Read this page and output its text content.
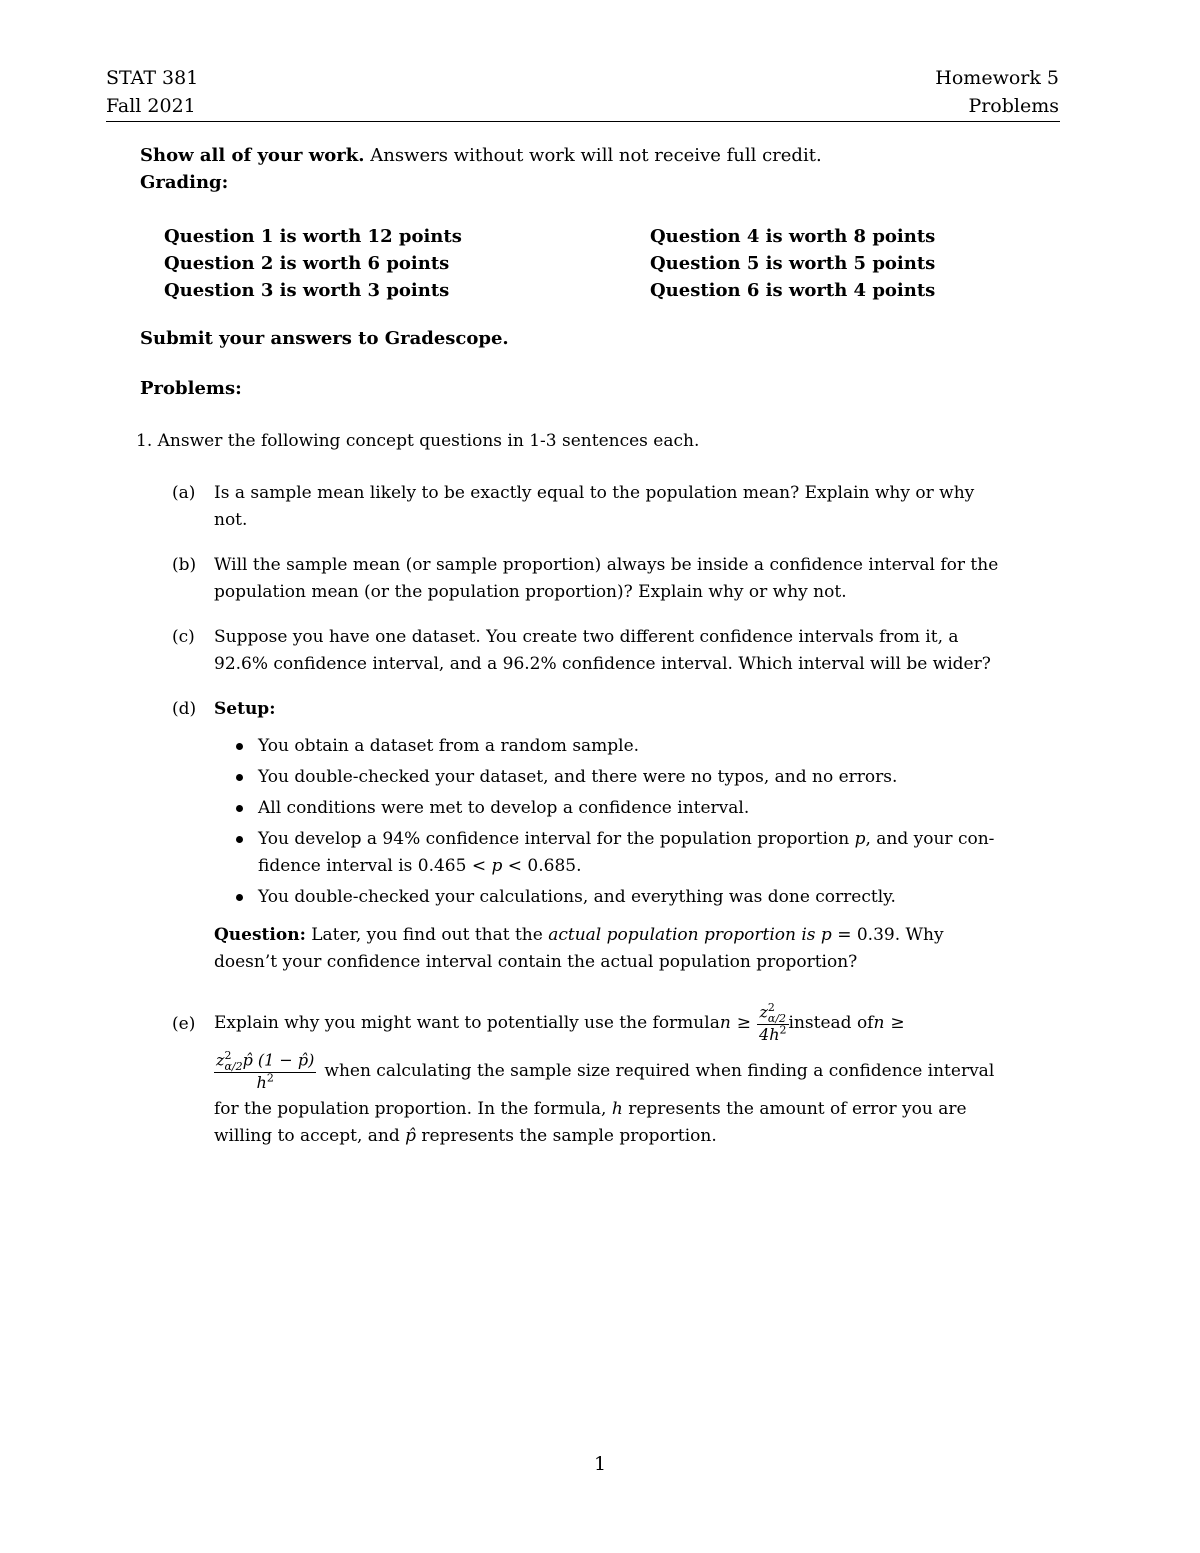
STAT 381
Fall 2021
Homework 5
Problems
Show all of your work. Answers without work will not receive full credit.
Grading:
Question 1 is worth 12 points
Question 2 is worth 6 points
Question 3 is worth 3 points
Question 4 is worth 8 points
Question 5 is worth 5 points
Question 6 is worth 4 points
Submit your answers to Gradescope.
Problems:
1. Answer the following concept questions in 1-3 sentences each.
(a) Is a sample mean likely to be exactly equal to the population mean? Explain why or why
not.
(b) Will the sample mean (or sample proportion) always be inside a confidence interval for the
population mean (or the population proportion)? Explain why or why not.
(c) Suppose you have one dataset. You create two different confidence intervals from it, a
92.6% confidence interval, and a 96.2% confidence interval. Which interval will be wider?
(d) Setup:
You obtain a dataset from a random sample.
You double-checked your dataset, and there were no typos, and no errors.
All conditions were met to develop a confidence interval.
You develop a 94% confidence interval for the population proportion p, and your con-
fidence interval is 0.465 < p < 0.685.
You double-checked your calculations, and everything was done correctly.
Question: Later, you find out that the actual population proportion is p = 0.39. Why
doesn’t your confidence interval contain the actual population proportion?
(e) Explain why you might want to potentially use the formula n ≥ z 2
α/2
$4h^2$ instead of n ≥
z 2
α/2 p̂ (1 − p̂)
$h^2$ when calculating the sample size required when finding a confidence interval
for the population proportion. In the formula, h represents the amount of error you are
willing to accept, and p̂ represents the sample proportion.
1
